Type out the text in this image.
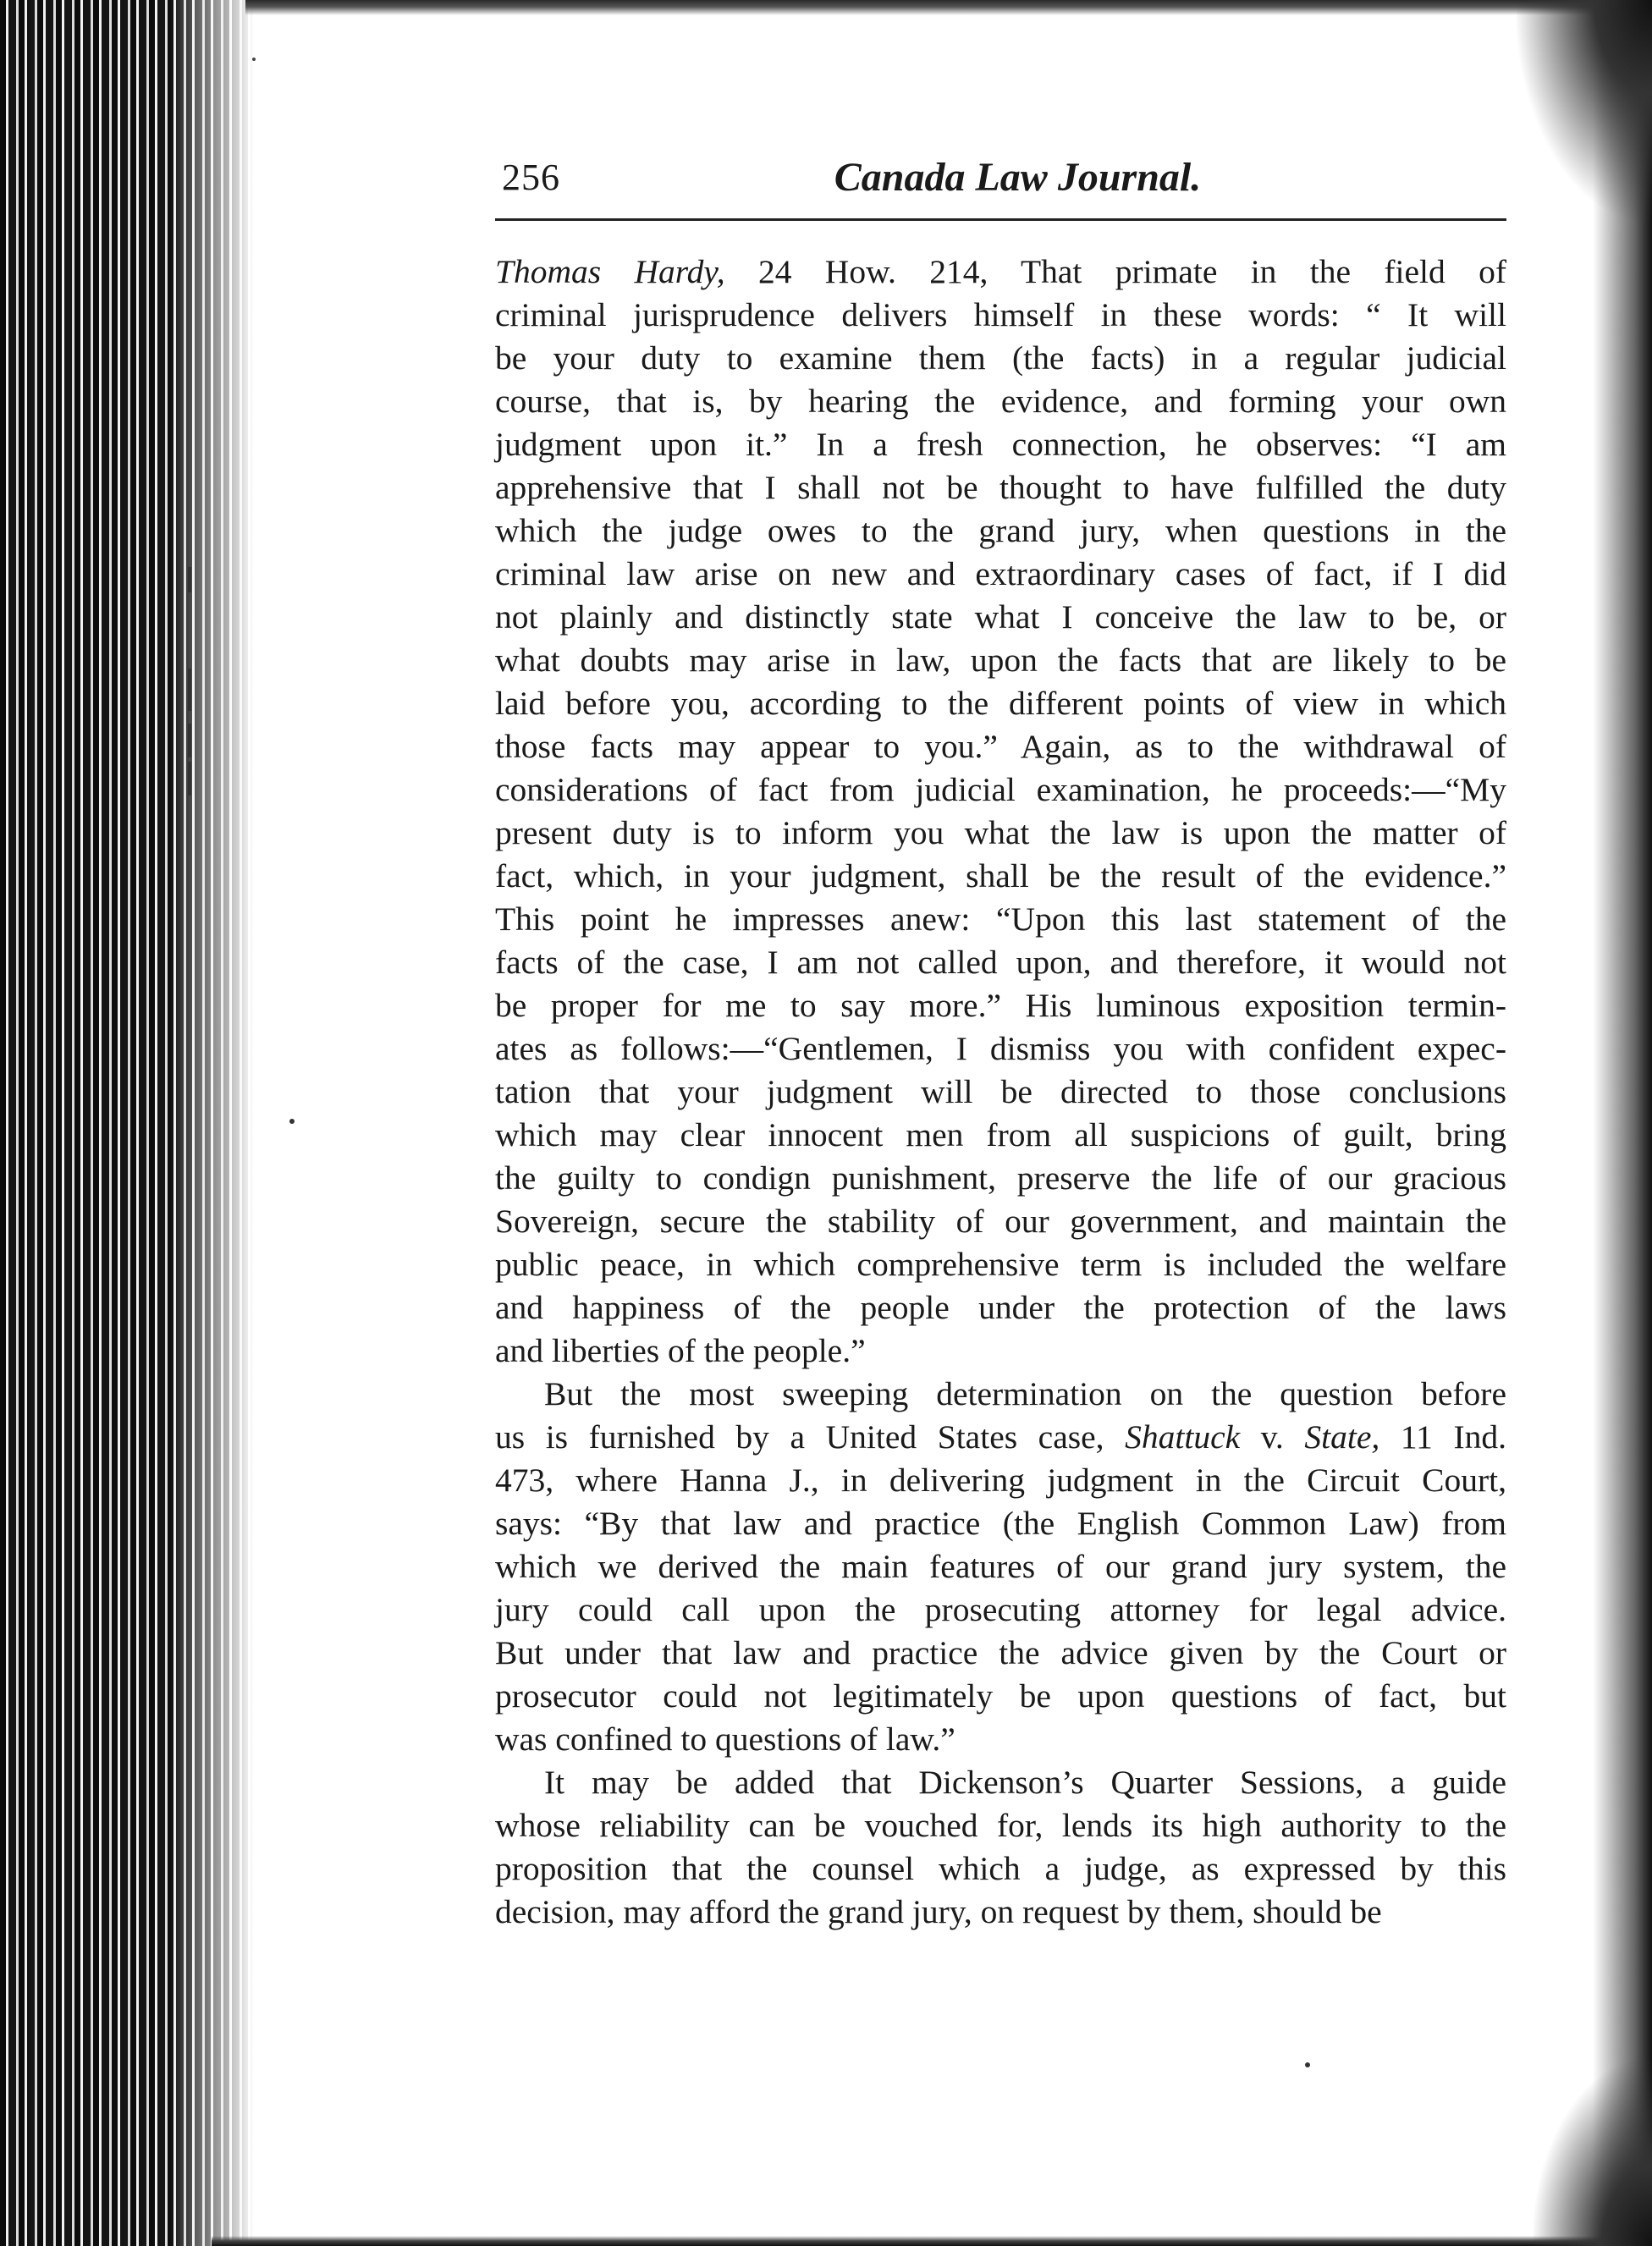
256	Canada Law Journal.
Thomas Hardy, 24 How. 214, That primate in the field of
criminal jurisprudence delivers himself in these words: “ It will
be your duty to examine them (the facts) in a regular judicial
course, that is, by hearing the evidence, and forming your own
judgment upon it.” In a fresh connection, he observes: “I am
apprehensive that I shall not be thought to have fulfilled the duty
which the judge owes to the grand jury, when questions in the
criminal law arise on new and extraordinary cases of fact, if I did
not plainly and distinctly state what I conceive the law to be, or
what doubts may arise in law, upon the facts that are likely to be
laid before you, according to the different points of view in which
those facts may appear to you.” Again, as to the withdrawal of
considerations of fact from judicial examination, he proceeds:—“My
present duty is to inform you what the law is upon the matter of
fact, which, in your judgment, shall be the result of the evidence.”
This point he impresses anew: “Upon this last statement of the
facts of the case, I am not called upon, and therefore, it would not
be proper for me to say more.” His luminous exposition termin-
ates as follows:—“Gentlemen, I dismiss you with confident expec-
tation that your judgment will be directed to those conclusions
which may clear innocent men from all suspicions of guilt, bring
the guilty to condign punishment, preserve the life of our gracious
Sovereign, secure the stability of our government, and maintain the
public peace, in which comprehensive term is included the welfare
and happiness of the people under the protection of the laws
and liberties of the people.”
But the most sweeping determination on the question before
us is furnished by a United States case, Shattuck v. State, 11 Ind.
473, where Hanna J., in delivering judgment in the Circuit Court,
says: “By that law and practice (the English Common Law) from
which we derived the main features of our grand jury system, the
jury could call upon the prosecuting attorney for legal advice.
But under that law and practice the advice given by the Court or
prosecutor could not legitimately be upon questions of fact, but
was confined to questions of law.”
It may be added that Dickenson’s Quarter Sessions, a guide
whose reliability can be vouched for, lends its high authority to the
proposition that the counsel which a judge, as expressed by this
decision, may afford the grand jury, on request by them, should be
